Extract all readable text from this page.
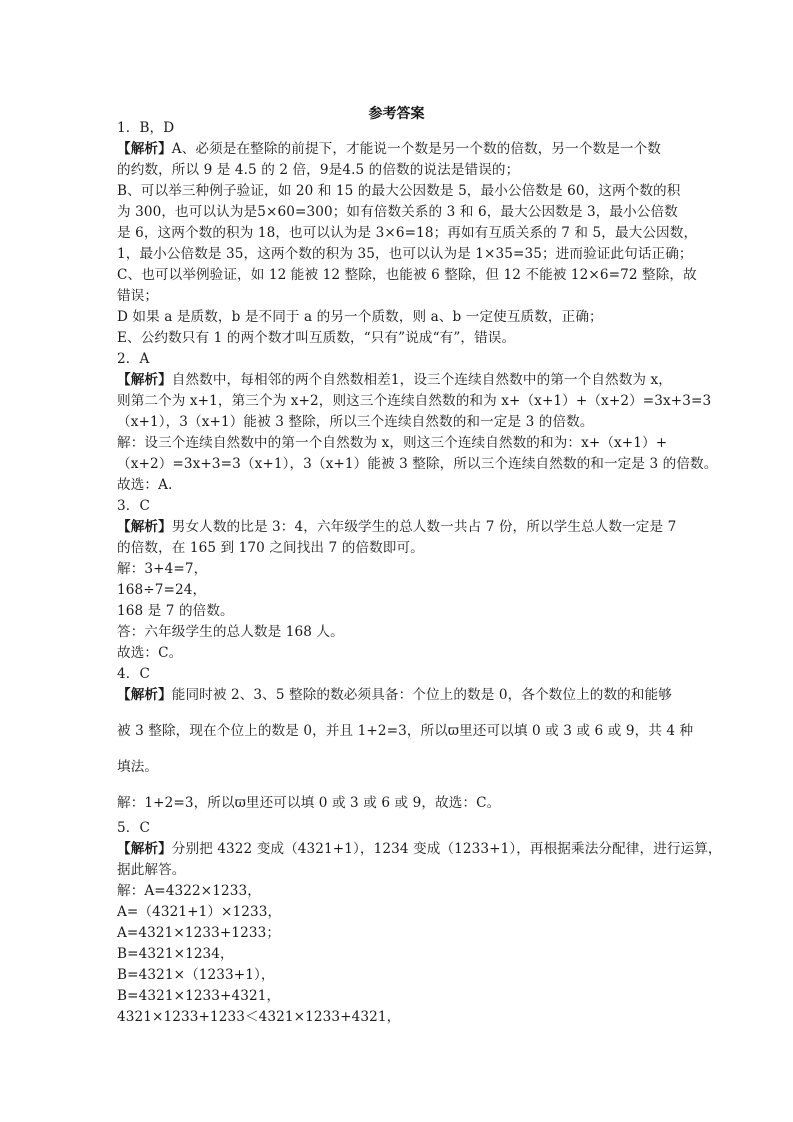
参考答案
1．B，D
【解析】A、必须是在整除的前提下，才能说一个数是另一个数的倍数，另一个数是一个数
的约数，所以 9 是 4.5 的 2 倍，9是4.5 的倍数的说法是错误的；
B、可以举三种例子验证，如 20 和 15 的最大公因数是 5，最小公倍数是 60，这两个数的积
为 300，也可以认为是5×60=300；如有倍数关系的 3 和 6，最大公因数是 3，最小公倍数
是 6，这两个数的积为 18，也可以认为是 3×6=18；再如有互质关系的 7 和 5，最大公因数，
1，最小公倍数是 35，这两个数的积为 35，也可以认为是 1×35=35；进而验证此句话正确；
C、也可以举例验证，如 12 能被 12 整除，也能被 6 整除，但 12 不能被 12×6=72 整除，故
错误；
D 如果 a 是质数，b 是不同于 a 的另一个质数，则 a、b 一定使互质数，正确；
E、公约数只有 1 的两个数才叫互质数，“只有”说成“有”，错误。
2．A
【解析】自然数中，每相邻的两个自然数相差1，设三个连续自然数中的第一个自然数为 x，
则第二个为 x+1，第三个为 x+2，则这三个连续自然数的和为 x+（x+1）+（x+2）=3x+3=3
（x+1），3（x+1）能被 3 整除，所以三个连续自然数的和一定是 3 的倍数。
解：设三个连续自然数中的第一个自然数为 x，则这三个连续自然数的和为：x+（x+1）+
（x+2）=3x+3=3（x+1），3（x+1）能被 3 整除，所以三个连续自然数的和一定是 3 的倍数。
故选：A.
3．C
【解析】男女人数的比是 3：4，六年级学生的总人数一共占 7 份，所以学生总人数一定是 7
的倍数，在 165 到 170 之间找出 7 的倍数即可。
解：3+4=7，
168÷7=24，
168 是 7 的倍数。
答：六年级学生的总人数是 168 人。
故选：C。
4．C
【解析】能同时被 2、3、5 整除的数必须具备：个位上的数是 0，各个数位上的数的和能够
被 3 整除，现在个位上的数是 0，并且 1+2=3，所以ϖ里还可以填 0 或 3 或 6 或 9，共 4 种
填法。
解：1+2=3，所以ϖ里还可以填 0 或 3 或 6 或 9，故选：C。
5．C
【解析】分别把 4322 变成（4321+1），1234 变成（1233+1），再根据乘法分配律，进行运算，
据此解答。
解：A=4322×1233，
A=（4321+1）×1233，
A=4321×1233+1233；
B=4321×1234，
B=4321×（1233+1），
B=4321×1233+4321，
4321×1233+1233＜4321×1233+4321，
